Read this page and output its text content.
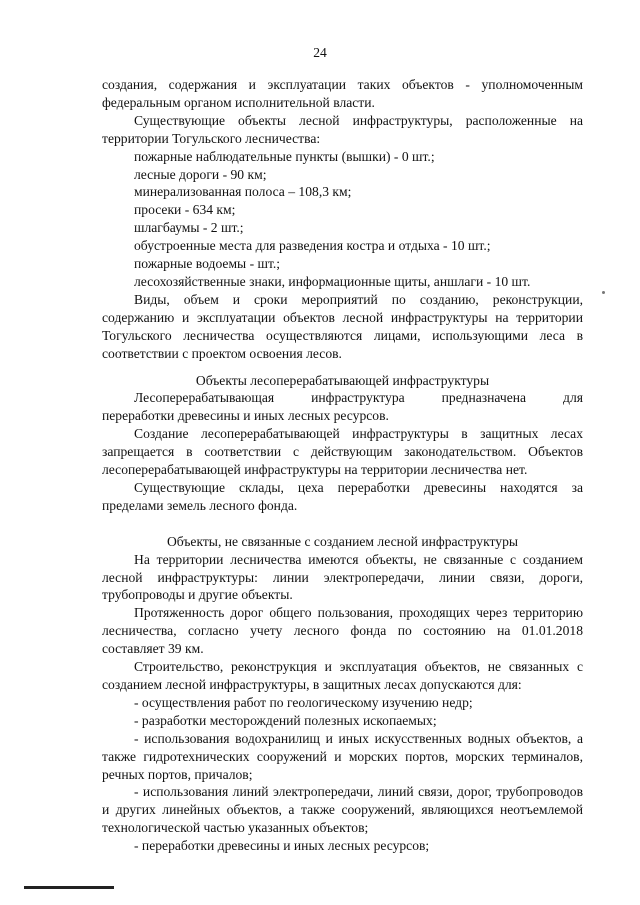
24

создания, содержания и эксплуатации таких объектов - уполномоченным

федеральным органом исполнительной власти.

Существующие объекты лесной инфраструктуры, расположенные на территории Тогульского лесничества:

пожарные наблюдательные пункты (вышки) - 0 шт.;

лесные дороги - 90 км;

минерализованная полоса – 108,3 км;

просеки - 634 км;

шлагбаумы - 2 шт.;

обустроенные места для разведения костра и отдыха - 10 шт.;

пожарные водоемы - шт.;

лесохозяйственные знаки, информационные щиты, аншлаги - 10 шт.

Виды, объем и сроки мероприятий по созданию, реконструкции, содержанию и эксплуатации объектов лесной инфраструктуры на территории Тогульского лесничества осуществляются лицами, использующими леса в соответствии с проектом освоения лесов.

Объекты лесоперерабатывающей инфраструктуры

Лесоперерабатывающая инфраструктура предназначена для

переработки древесины и иных лесных ресурсов.

Создание лесоперерабатывающей инфраструктуры в защитных лесах запрещается в соответствии с действующим законодательством. Объектов лесоперерабатывающей инфраструктуры на территории лесничества нет.

Существующие склады, цеха переработки древесины находятся за пределами земель лесного фонда.

Объекты, не связанные с созданием лесной инфраструктуры

На территории лесничества имеются объекты, не связанные с созданием лесной инфраструктуры: линии электропередачи, линии связи, дороги, трубопроводы и другие объекты.

Протяженность дорог общего пользования, проходящих через территорию лесничества, согласно учету лесного фонда по состоянию на 01.01.2018 составляет 39 км.

Строительство, реконструкция и эксплуатация объектов, не связанных с созданием лесной инфраструктуры, в защитных лесах допускаются для:

- осуществления работ по геологическому изучению недр;

- разработки месторождений полезных ископаемых;

- использования водохранилищ и иных искусственных водных объектов, а также гидротехнических сооружений и морских портов, морских терминалов, речных портов, причалов;

- использования линий электропередачи, линий связи, дорог, трубопроводов и других линейных объектов, а также сооружений, являющихся неотъемлемой технологической частью указанных объектов;

- переработки древесины и иных лесных ресурсов;
